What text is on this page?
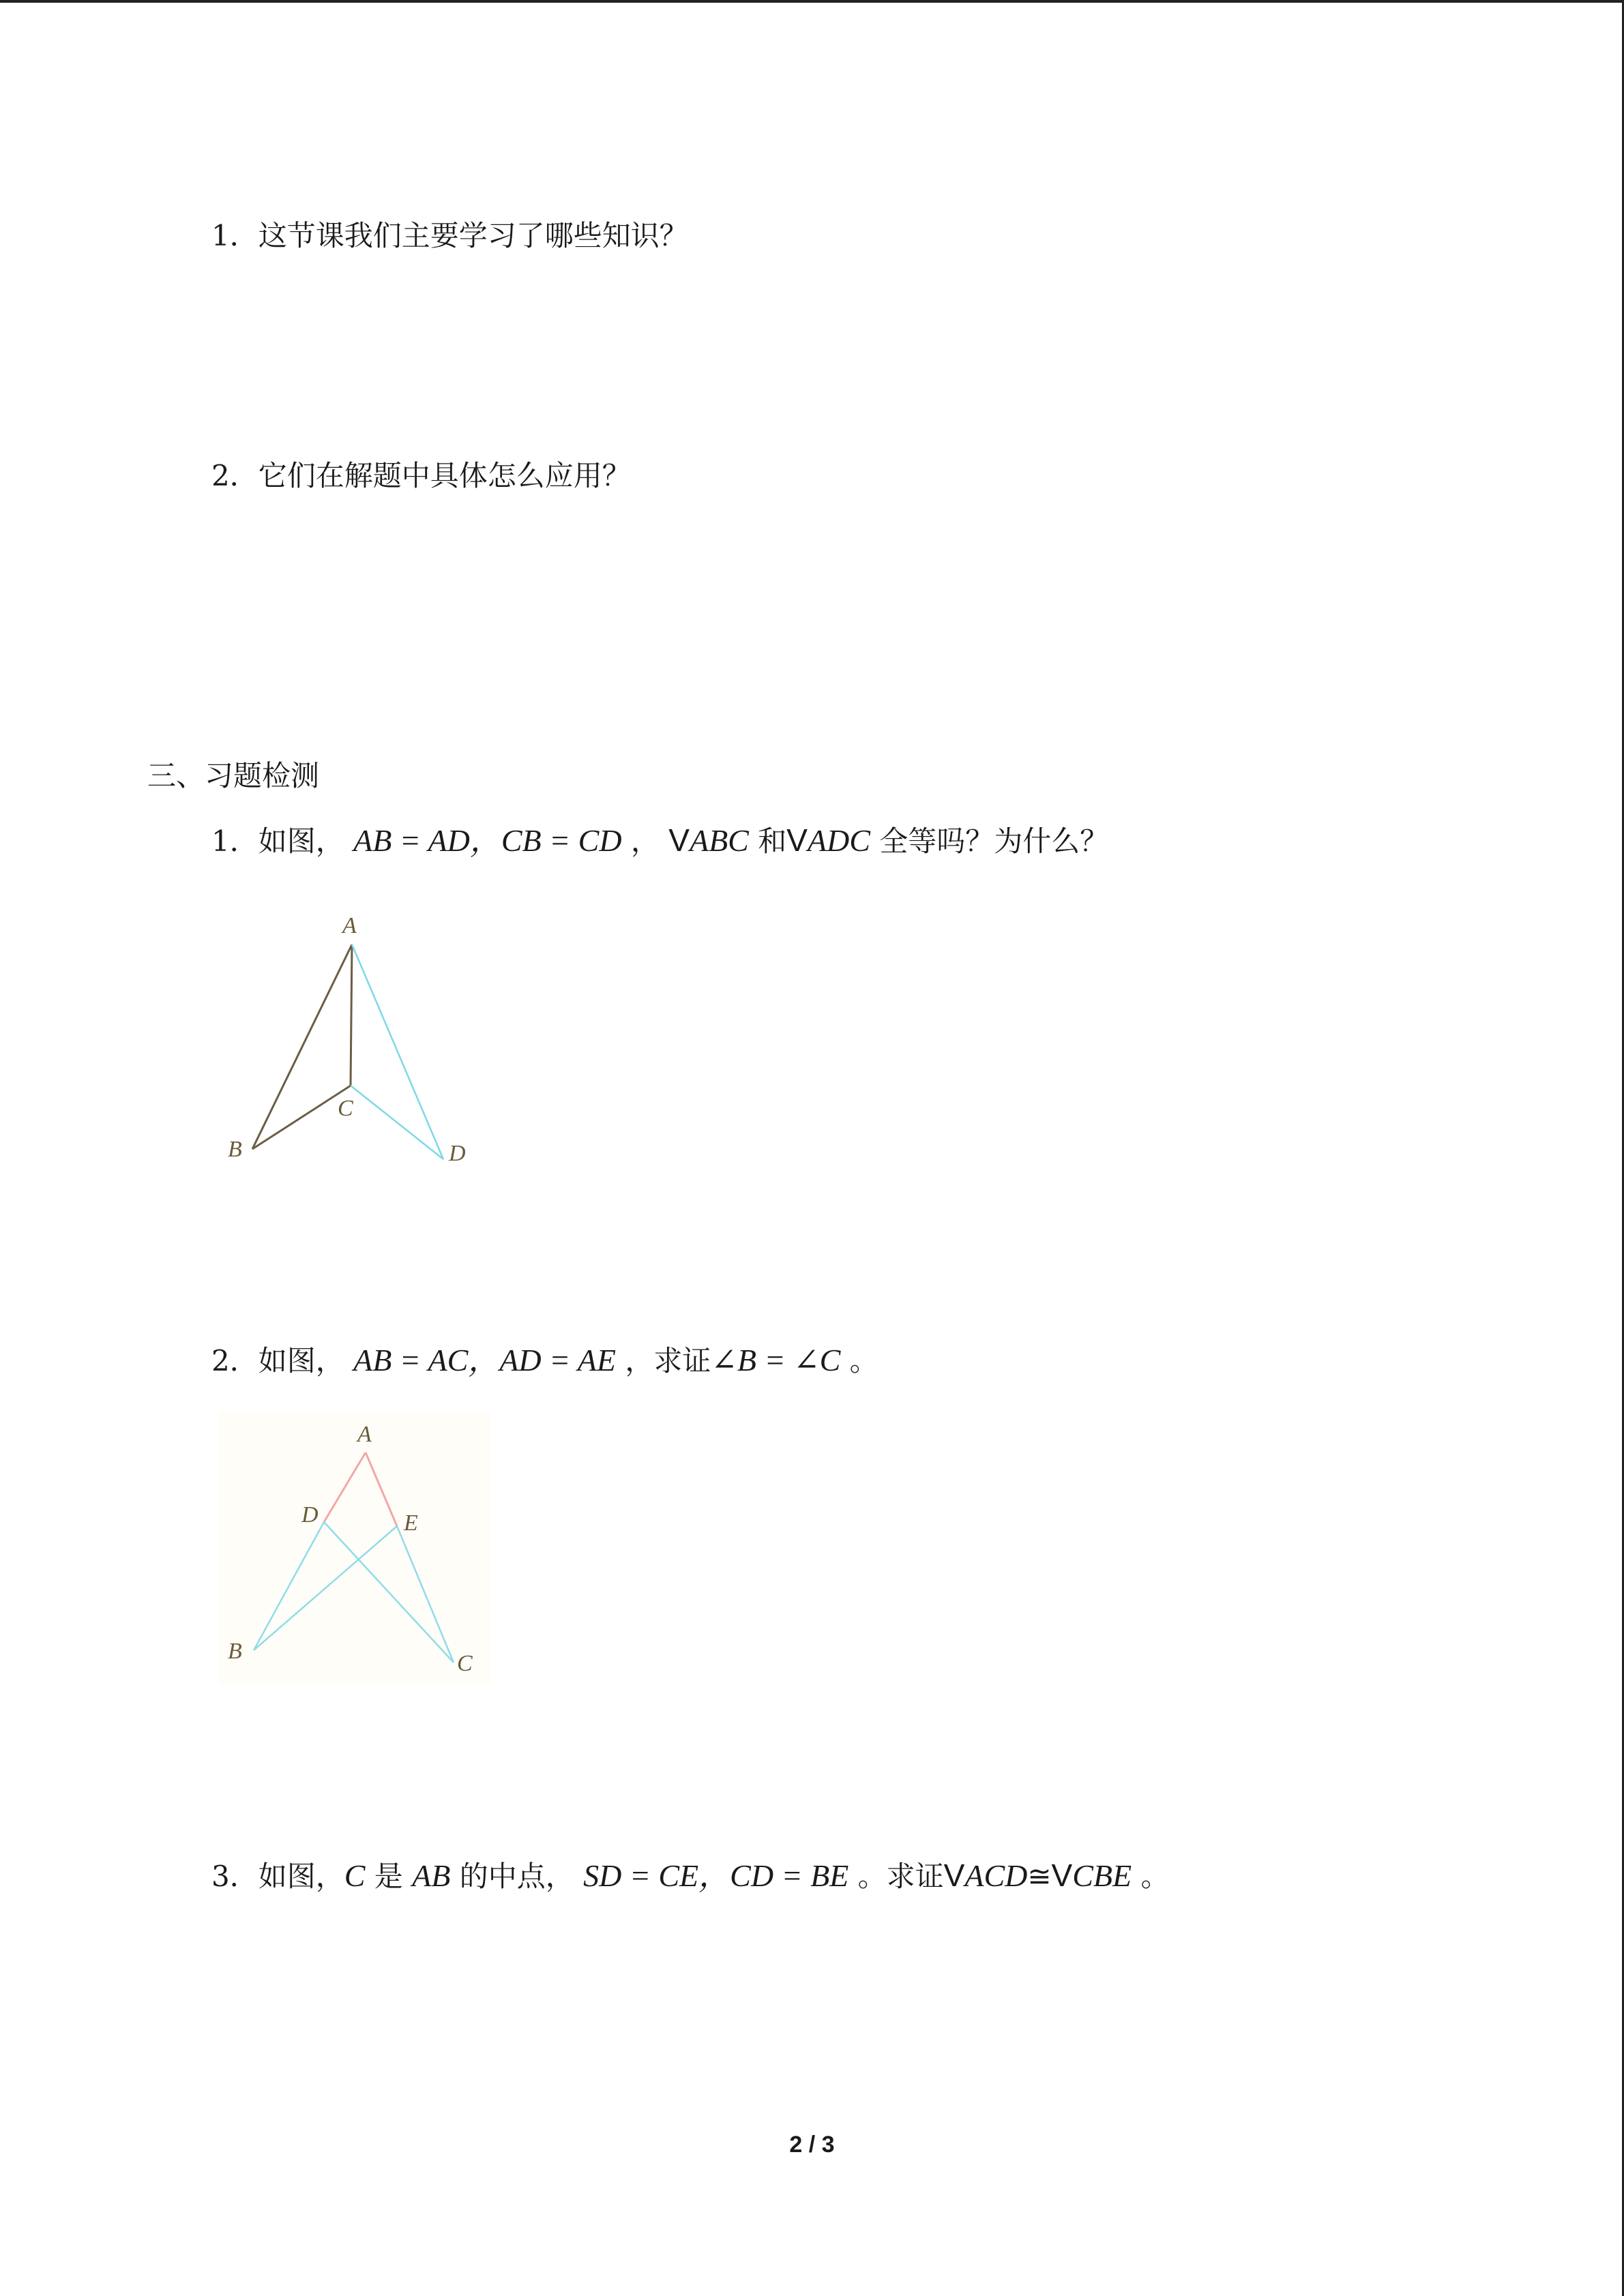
1．这节课我们主要学习了哪些知识？
2．它们在解题中具体怎么应用？
三、习题检测
1．如图， AB = AD，CB = CD ， VABC 和VADC 全等吗？为什么？
A
B
C
D
2．如图， AB = AC，AD = AE ，求证∠B = ∠C 。
A
D	E
B	C
3．如图，C 是 AB 的中点， SD = CE，CD = BE 。求证VACD≅VCBE 。
2 / 3
